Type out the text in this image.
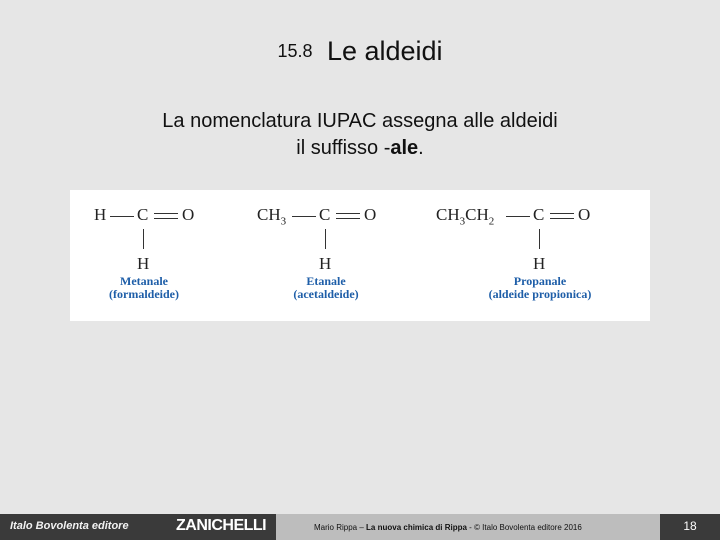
15.8 Le aldeidi
La nomenclatura IUPAC assegna alle aldeidi
il suffisso -ale.
H C O
H
Metanale
(formaldeide)
$CH_3$ C O
H
Etanale
(acetaldeide)
$CH_3CH_2$ C O
H
Propanale
(aldeide propionica)
Italo Bovolenta editore	ZANICHELLI	Mario Rippa – La nuova chimica di Rippa - © Italo Bovolenta editore 2016	18
